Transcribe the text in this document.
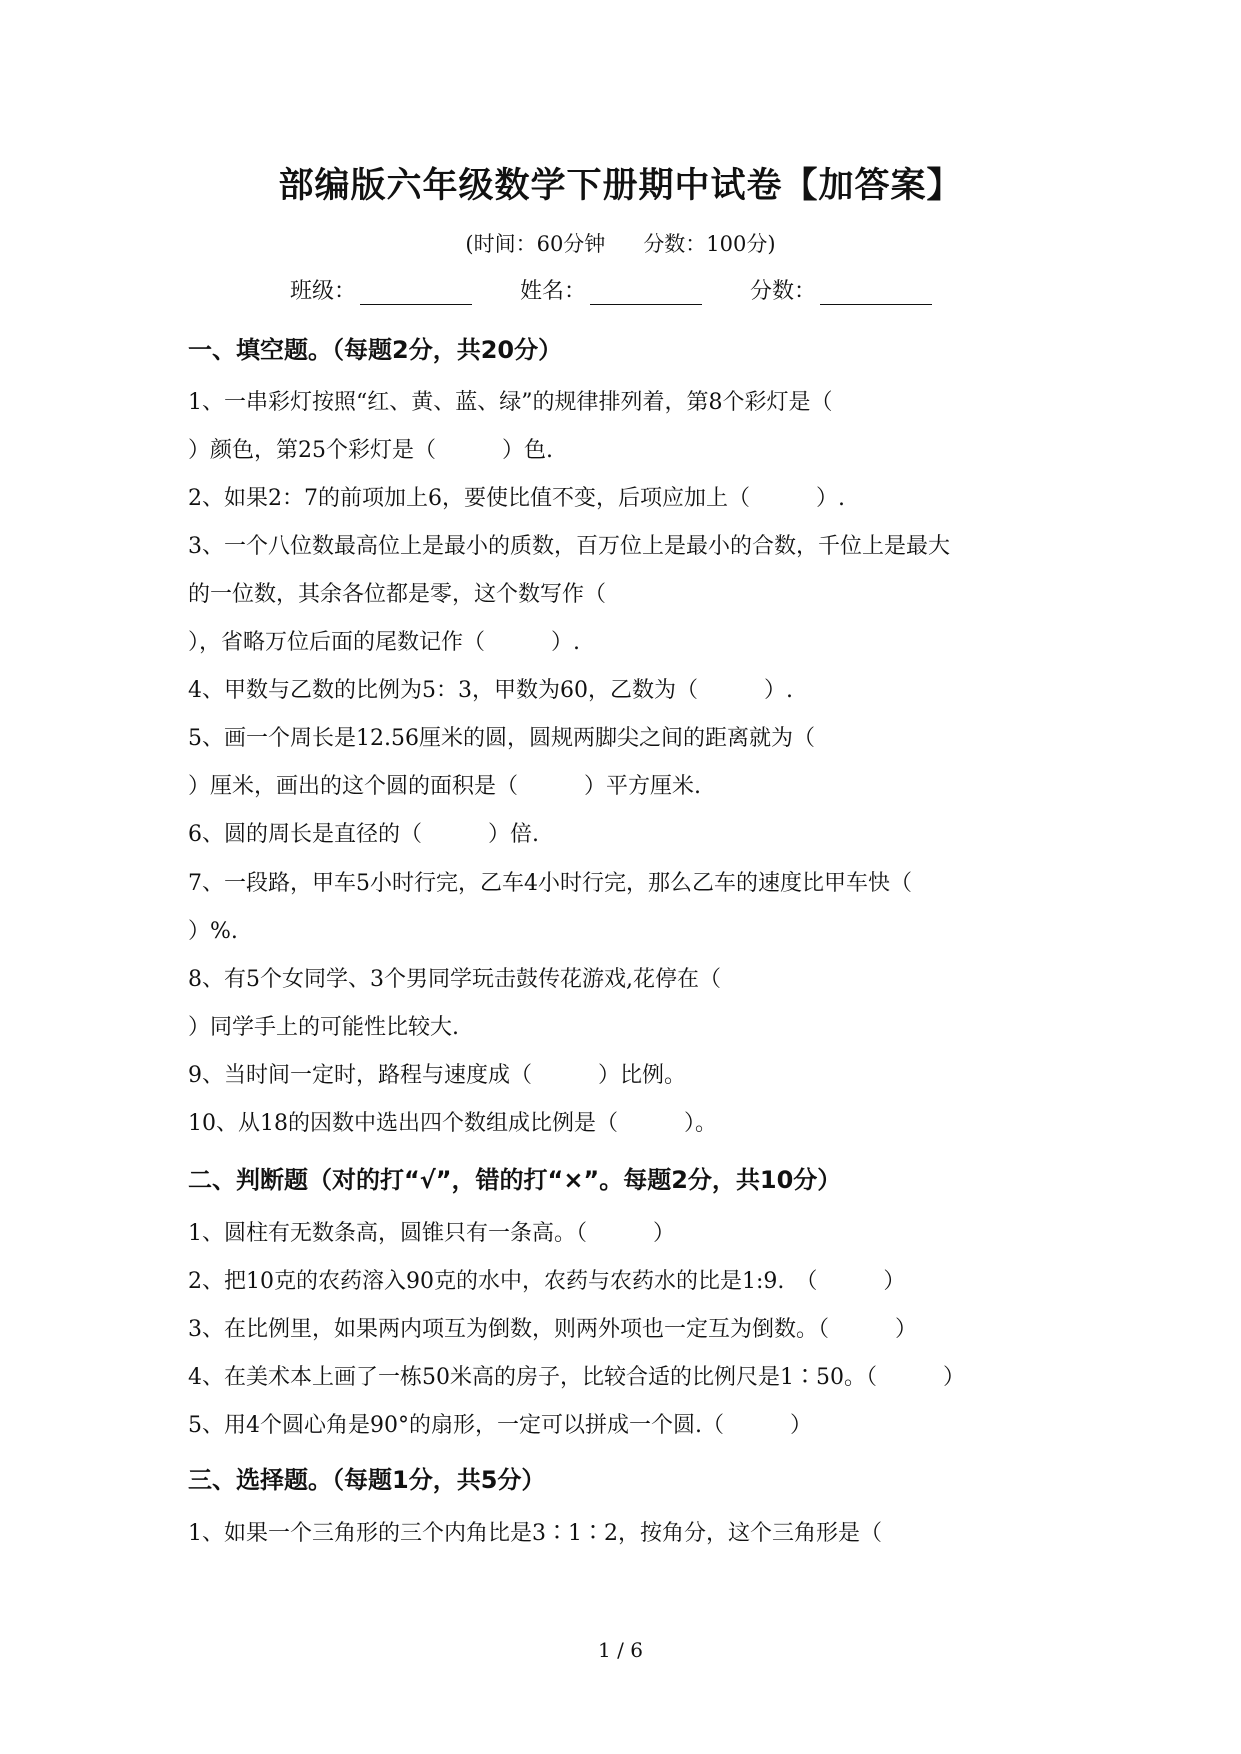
部编版六年级数学下册期中试卷【加答案】
(时间：60分钟 分数：100分)
班级：	姓名：	分数：
一、填空题。（每题2分，共20分）
1、一串彩灯按照“红、黄、蓝、绿”的规律排列着，第8个彩灯是（
）颜色，第25个彩灯是（　　　）色.
2、如果2：7的前项加上6，要使比值不变，后项应加上（　　　）.
3、一个八位数最高位上是最小的质数，百万位上是最小的合数，千位上是最大
的一位数，其余各位都是零，这个数写作（
），省略万位后面的尾数记作（　　　）.
4、甲数与乙数的比例为5：3，甲数为60，乙数为（　　　）.
5、画一个周长是12.56厘米的圆，圆规两脚尖之间的距离就为（
）厘米，画出的这个圆的面积是（　　　）平方厘米.
6、圆的周长是直径的（　　　）倍.
7、一段路，甲车5小时行完，乙车4小时行完，那么乙车的速度比甲车快（
）%.
8、有5个女同学、3个男同学玩击鼓传花游戏,花停在（
）同学手上的可能性比较大.
9、当时间一定时，路程与速度成（　　　）比例。
10、从18的因数中选出四个数组成比例是（　　　）。
二、判断题（对的打“√”，错的打“×”。每题2分，共10分）
1、圆柱有无数条高，圆锥只有一条高。（　　　）
2、把10克的农药溶入90克的水中，农药与农药水的比是1:9.　（　　　）
3、在比例里，如果两内项互为倒数，则两外项也一定互为倒数。（　　　）
4、在美术本上画了一栋50米高的房子，比较合适的比例尺是1∶50。（　　　）
5、用4个圆心角是90°的扇形，一定可以拼成一个圆.（　　　）
三、选择题。（每题1分，共5分）
1、如果一个三角形的三个内角比是3∶1∶2，按角分，这个三角形是（
1 / 6
